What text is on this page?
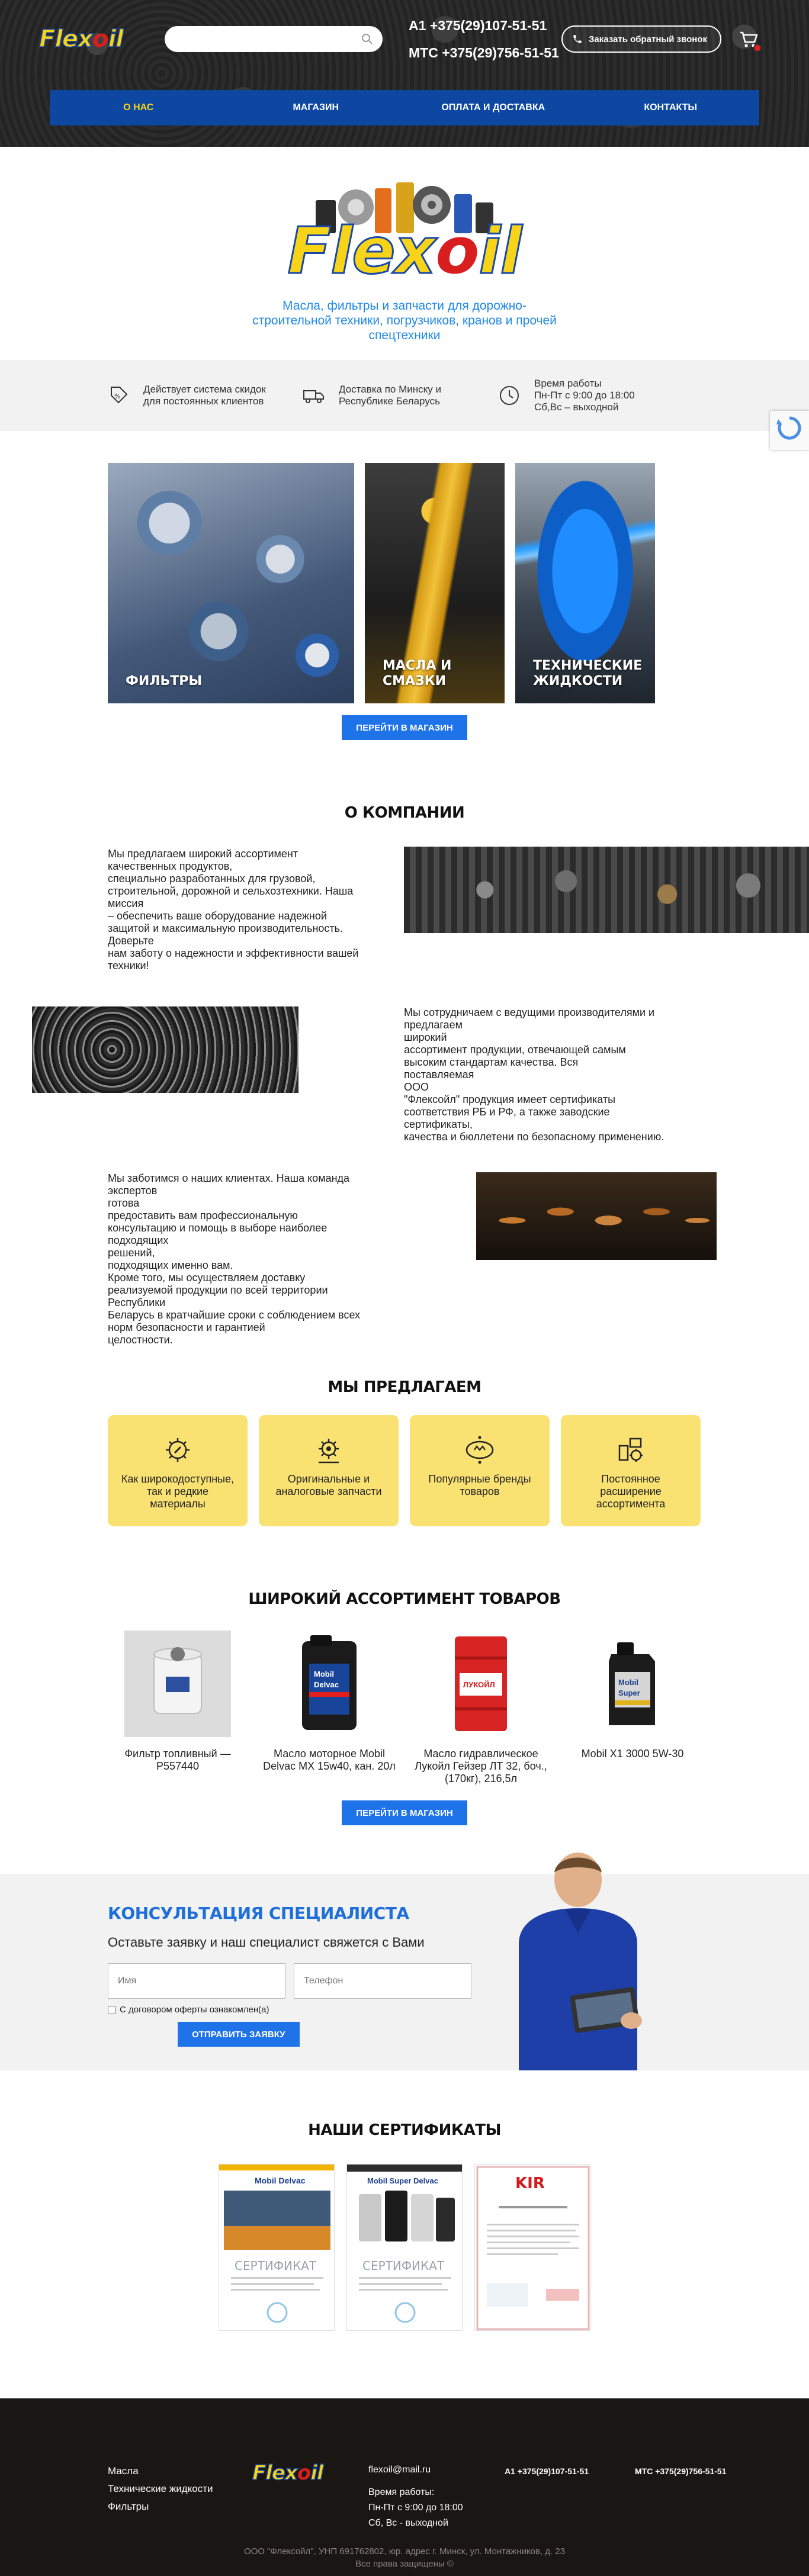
Flexoil	A1 +375(29)107-51-51
МТС +375(29)756-51-51
Заказать обратный звонок
О НАС	МАГАЗИН	ОПЛАТА И ДОСТАВКА	КОНТАКТЫ
Flexoil

Масла, фильтры и запчасти для дорожно-строительной техники, погрузчиков, кранов и прочей спецтехники

%
Действует система скидок
для постоянных клиентов
Доставка по Минску и
Республике Беларусь
Время работы
Пн-Пт с 9:00 до 18:00
Сб,Вс – выходной
ФИЛЬТРЫ
МАСЛА И СМАЗКИ
ТЕХНИЧЕСКИЕ
ЖИДКОСТИ
ПЕРЕЙТИ В МАГАЗИН
О КОМПАНИИ
Мы предлагаем широкий ассортимент
качественных продуктов,
специально разработанных для грузовой,
строительной, дорожной и сельхозтехники. Наша
миссия
– обеспечить ваше оборудование надежной
защитой и максимальную производительность.
Доверьте
нам заботу о надежности и эффективности вашей
техники!
Мы сотрудничаем с ведущими производителями и
предлагаем
широкий
ассортимент продукции, отвечающей самым
высоким стандартам качества. Вся
поставляемая
ООО
"Флексойл" продукция имеет сертификаты
соответствия РБ и РФ, а также заводские
сертификаты,
качества и бюллетени по безопасному применению.
Мы заботимся о наших клиентах. Наша команда
экспертов
готова
предоставить вам профессиональную
консультацию и помощь в выборе наиболее
подходящих
решений,
подходящих именно вам.
Кроме того, мы осуществляем доставку
реализуемой продукции по всей территории
Республики
Беларусь в кратчайшие сроки с соблюдением всех
норм безопасности и гарантией
целостности.
МЫ ПРЕДЛАГАЕМ
Как широкодоступные, так и редкие материалы
Оригинальные и аналоговые запчасти
Популярные бренды товаров
Постоянное расширение ассортимента
ШИРОКИЙ АССОРТИМЕНТ ТОВАРОВ
Фильтр топливный — P557440
Mobil
Delvac
Масло моторное Mobil Delvac MX 15w40, кан. 20л
ЛУКОЙЛ
Масло гидравлическое Лукойл Гейзер ЛТ 32, боч., (170кг), 216,5л
Mobil
Super
Mobil X1 3000 5W-30
ПЕРЕЙТИ В МАГАЗИН
КОНСУЛЬТАЦИЯ СПЕЦИАЛИСТА

Оставьте заявку и наш специалист свяжется с Вами

Имя
Телефон
С договором оферты ознакомлен(а)
ОТПРАВИТЬ ЗАЯВКУ
НАШИ СЕРТИФИКАТЫ
Mobil Delvac
СЕРТИФИКАТ
Mobil Super Delvac
СЕРТИФИКАТ
KIR
Масла
Технические жидкости
Фильтры
Flexoil	flexoil@mail.ru
Время работы:
Пн-Пт с 9:00 до 18:00
Сб, Вс - выходной
A1 +375(29)107-51-51	МТС +375(29)756-51-51
ООО "Флексойл", УНП 691762802, юр. адрес г. Минск, ул. Монтажников, д. 23
Все права защищены ©
